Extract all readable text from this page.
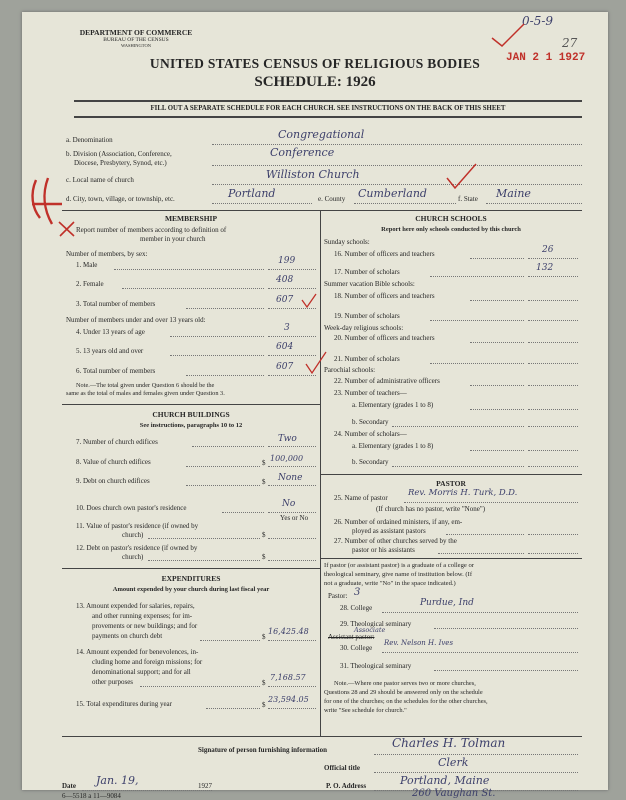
DEPARTMENT OF COMMERCE
BUREAU OF THE CENSUS
WASHINGTON
0-5-9
27
JAN 2 1 1927
UNITED STATES CENSUS OF RELIGIOUS BODIES
SCHEDULE: 1926
FILL OUT A SEPARATE SCHEDULE FOR EACH CHURCH. SEE INSTRUCTIONS ON THE BACK OF THIS SHEET
a. Denomination	Congregational
b. Division (Association, Conference,
Diocese, Presbytery, Synod, etc.)
Conference
c. Local name of church	Williston Church
d. City, town, village, or township, etc.	Portland	e. County Cumberland	f. State Maine
MEMBERSHIP
Report number of members according to definition of
member in your church
Number of members, by sex:
1. Male	199
2. Female	408
3. Total number of members	607
Number of members under and over 13 years old:
4. Under 13 years of age	3
5. 13 years old and over	604
6. Total number of members	607
Note.—The total given under Question 6 should be the
same as the total of males and females given under Question 3.
CHURCH BUILDINGS
See instructions, paragraphs 10 to 12
7. Number of church edifices	Two
8. Value of church edifices	$ 100,000
9. Debt on church edifices	$ None
10. Does church own pastor's residence	No
Yes or No
11. Value of pastor's residence (if owned by
church)	$
12. Debt on pastor's residence (if owned by
church)	$
EXPENDITURES
Amount expended by your church during last fiscal year
13. Amount expended for salaries, repairs,
and other running expenses; for im-
provements or new buildings; and for
payments on church debt	$
16,425.48
14. Amount expended for benevolences, in-
cluding home and foreign missions; for
denominational support; and for all
other purposes	$
7,168.57
15. Total expenditures during year	$
23,594.05
CHURCH SCHOOLS
Report here only schools conducted by this church
Sunday schools:
16. Number of officers and teachers	26
17. Number of scholars	132
Summer vacation Bible schools:
18. Number of officers and teachers
19. Number of scholars
Week-day religious schools:
20. Number of officers and teachers
21. Number of scholars
Parochial schools:
22. Number of administrative officers
23. Number of teachers—
a. Elementary (grades 1 to 8)
b. Secondary
24. Number of scholars—
a. Elementary (grades 1 to 8)
b. Secondary
PASTOR
25. Name of pastor Rev. Morris H. Turk, D.D.
(If church has no pastor, write "None")
26. Number of ordained ministers, if any, em-
ployed as assistant pastors
27. Number of other churches served by the
pastor or his assistants
If pastor (or assistant pastor) is a graduate of a college or
theological seminary, give name of institution below. (If
not a graduate, write "No" in the space indicated.)
Pastor: 3
28. College	Purdue, Ind
29. Theological seminary
Associate
Assistant pastor:
30. College
Rev. Nelson H. Ives
31. Theological seminary
Note.—Where one pastor serves two or more churches,
Questions 28 and 29 should be answered only on the schedule
for one of the churches; on the schedules for the other churches,
write "See schedule for church."
Signature of person furnishing information	Charles H. Tolman
Official title	Clerk
Date Jan. 19,	1927	P. O. Address	Portland, Maine
260 Vaughan St.
6—5518 a 11—9084
